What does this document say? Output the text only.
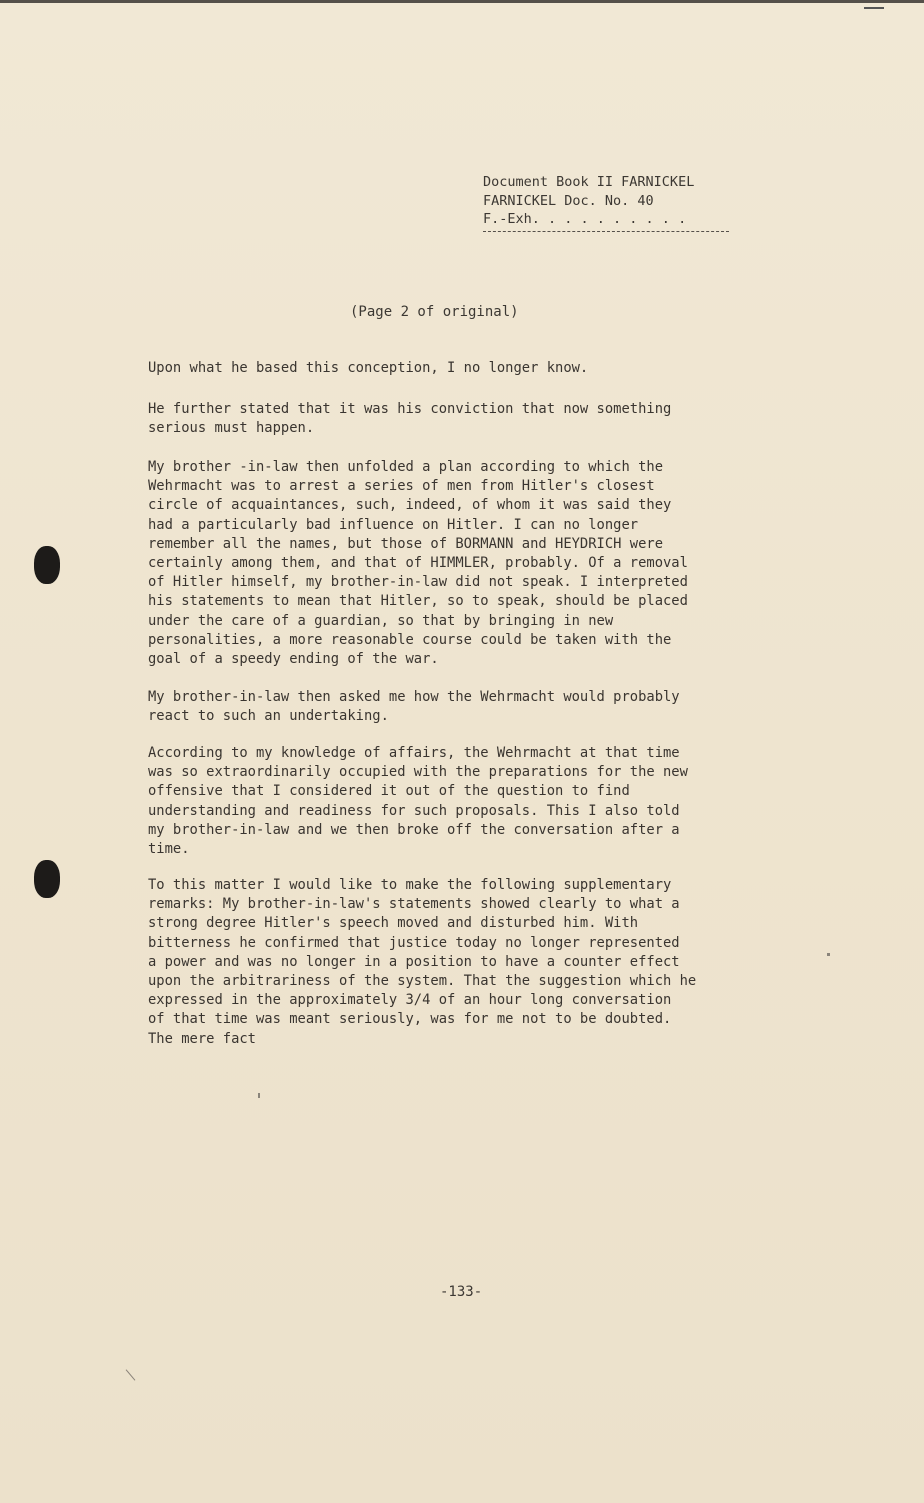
Document Book II FARNICKEL
FARNICKEL Doc. No. 40
F.-Exh. . . . . . . . . .
(Page 2 of original)
Upon what he based this conception, I no longer know.
He further stated that it was his conviction that now something
serious must happen.
My brother -in-law then unfolded a plan according to which the
Wehrmacht was to arrest a series of men from Hitler's closest
circle of acquaintances, such, indeed, of whom it was said they
had a particularly bad influence on Hitler. I can no longer
remember all the names, but those of BORMANN and HEYDRICH were
certainly among them, and that of HIMMLER, probably. Of a removal
of Hitler himself, my brother-in-law did not speak. I interpreted
his statements to mean that Hitler, so to speak, should be placed
under the care of a guardian, so that by bringing in new
personalities, a more reasonable course could be taken with the
goal of a speedy ending of the war.
My brother-in-law then asked me how the Wehrmacht would probably
react to such an undertaking.
According to my knowledge of affairs, the Wehrmacht at that time
was so extraordinarily occupied with the preparations for the new
offensive that I considered it out of the question to find
understanding and readiness for such proposals. This I also told
my brother-in-law and we then broke off the conversation after a
time.
To this matter I would like to make the following supplementary
remarks: My brother-in-law's statements showed clearly to what a
strong degree Hitler's speech moved and disturbed him. With
bitterness he confirmed that justice today no longer represented
a power and was no longer in a position to have a counter effect
upon the arbitrariness of the system. That the suggestion which he
expressed in the approximately 3/4 of an hour long conversation
of that time was meant seriously, was for me not to be doubted.
The mere fact
-133-
